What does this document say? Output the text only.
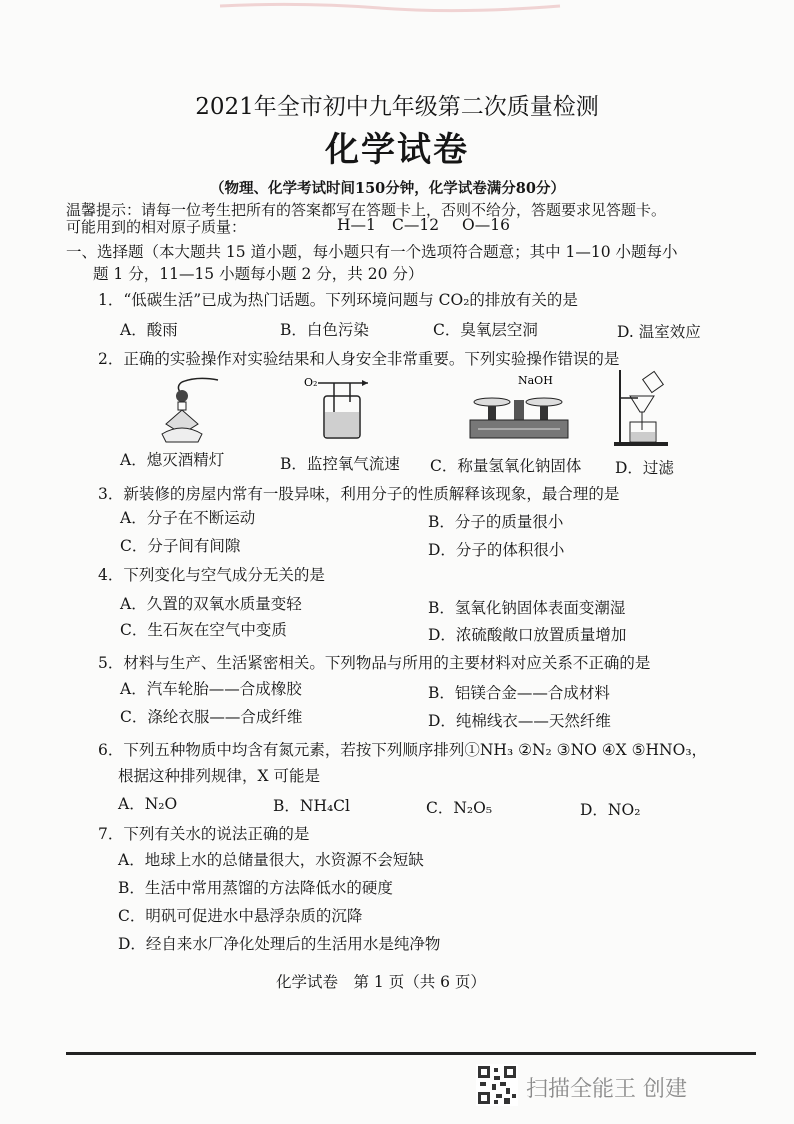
2021年全市初中九年级第二次质量检测
化学试卷
（物理、化学考试时间150分钟，化学试卷满分80分）
温馨提示：请每一位考生把所有的答案都写在答题卡上，否则不给分，答题要求见答题卡。
可能用到的相对原子质量：	H—1 C—12 O—16
一、选择题（本大题共 15 道小题，每小题只有一个选项符合题意；其中 1—10 小题每小
题 1 分，11—15 小题每小题 2 分，共 20 分）
1．“低碳生活”已成为热门话题。下列环境问题与 CO₂的排放有关的是
A．酸雨	B．白色污染	C．臭氧层空洞	D. 温室效应
2．正确的实验操作对实验结果和人身安全非常重要。下列实验操作错误的是
O₂	NaOH
A．熄灭酒精灯	B．监控氧气流速 C．称量氢氧化钠固体 D．过滤
3．新装修的房屋内常有一股异味，利用分子的性质解释该现象，最合理的是
A．分子在不断运动	B．分子的质量很小
C．分子间有间隙	D．分子的体积很小
4．下列变化与空气成分无关的是
A．久置的双氧水质量变轻	B．氢氧化钠固体表面变潮湿
C．生石灰在空气中变质	D．浓硫酸敞口放置质量增加
5．材料与生产、生活紧密相关。下列物品与所用的主要材料对应关系不正确的是
A．汽车轮胎——合成橡胶	B．铝镁合金——合成材料
C．涤纶衣服——合成纤维	D．纯棉线衣——天然纤维
6．下列五种物质中均含有氮元素，若按下列顺序排列①NH₃ ②N₂ ③NO ④X ⑤HNO₃，
根据这种排列规律，X 可能是
A．N₂O	B．NH₄Cl	C．N₂O₅	D．NO₂
7．下列有关水的说法正确的是
A．地球上水的总储量很大，水资源不会短缺
B．生活中常用蒸馏的方法降低水的硬度
C．明矾可促进水中悬浮杂质的沉降
D．经自来水厂净化处理后的生活用水是纯净物
化学试卷　第 1 页（共 6 页）
扫描全能王 创建
